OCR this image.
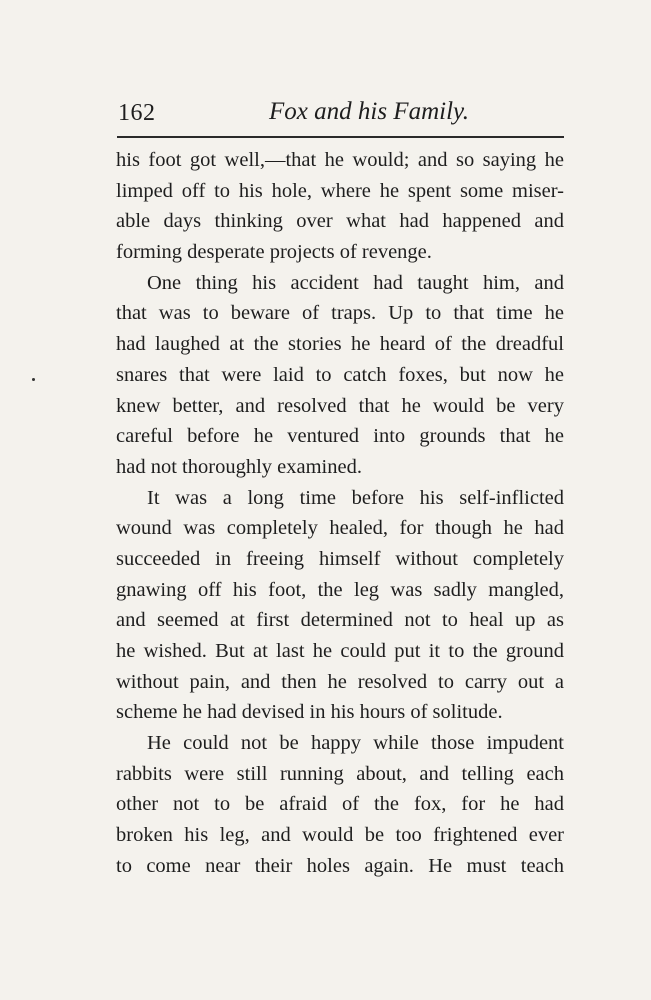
162	Fox and his Family.
his foot got well,—that he would; and so saying he
limped off to his hole, where he spent some miser-
able days thinking over what had happened and
forming desperate projects of revenge.
One thing his accident had taught him, and
that was to beware of traps. Up to that time he
had laughed at the stories he heard of the dreadful
snares that were laid to catch foxes, but now he
knew better, and resolved that he would be very
careful before he ventured into grounds that he
had not thoroughly examined.
It was a long time before his self-inflicted
wound was completely healed, for though he had
succeeded in freeing himself without completely
gnawing off his foot, the leg was sadly mangled,
and seemed at first determined not to heal up as
he wished. But at last he could put it to the ground
without pain, and then he resolved to carry out a
scheme he had devised in his hours of solitude.
He could not be happy while those impudent
rabbits were still running about, and telling each
other not to be afraid of the fox, for he had
broken his leg, and would be too frightened ever
to come near their holes again. He must teach
